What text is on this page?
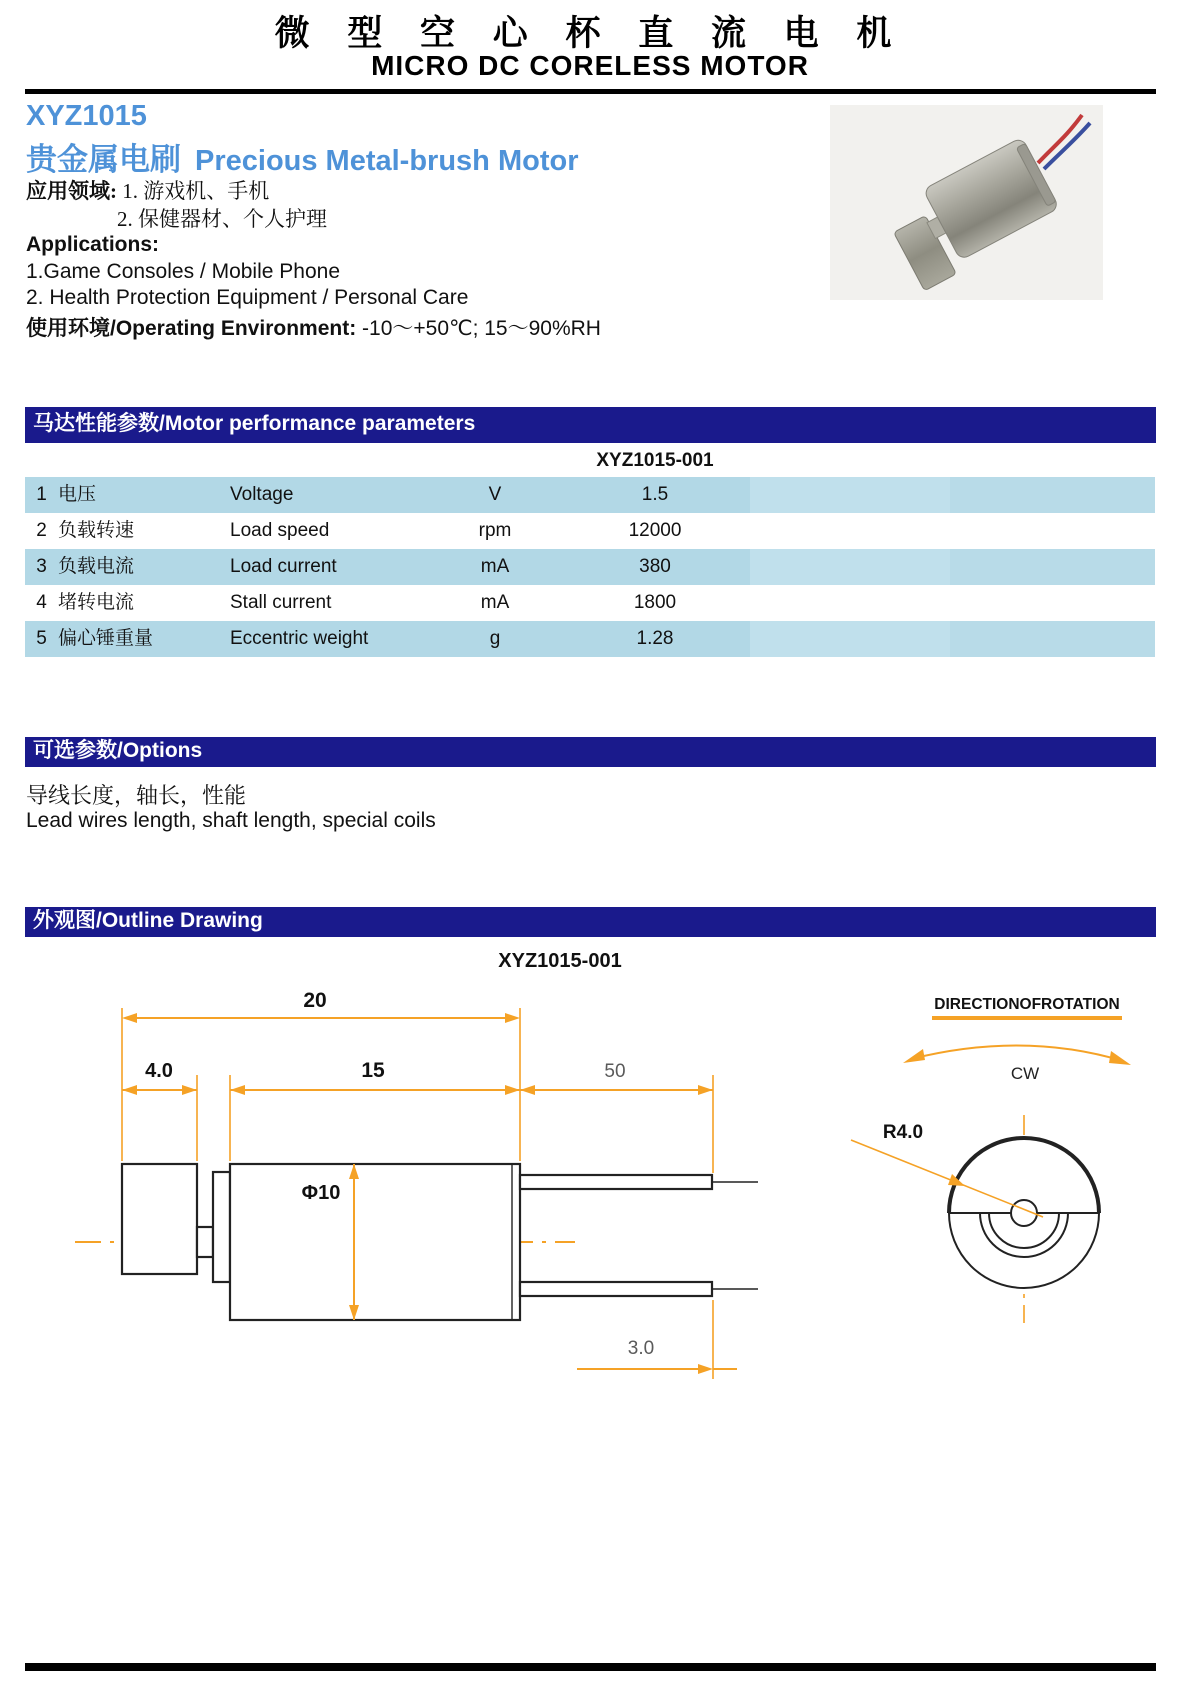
微 型 空 心 杯 直 流 电 机
MICRO DC CORELESS MOTOR
XYZ1015
贵金属电刷 Precious Metal-brush Motor
应用领域: 1. 游戏机、手机
2. 保健器材、个人护理
Applications:
1.Game Consoles / Mobile Phone
2. Health Protection Equipment / Personal Care
使用环境/Operating Environment: -10～+50℃; 15～90%RH
马达性能参数/Motor performance parameters
XYZ1015-001
1 电压	Voltage	V	1.5
2 负载转速	Load speed	rpm	12000
3 负载电流	Load current	mA	380
4 堵转电流	Stall current	mA	1800
5 偏心锤重量	Eccentric weight	g	1.28
可选参数/Options
导线长度，轴长，性能
Lead wires length, shaft length, special coils
外观图/Outline Drawing
XYZ1015-001
20
4.0	15	50
Φ10
3.0
DIRECTIONOFROTATION
CW
R4.0
